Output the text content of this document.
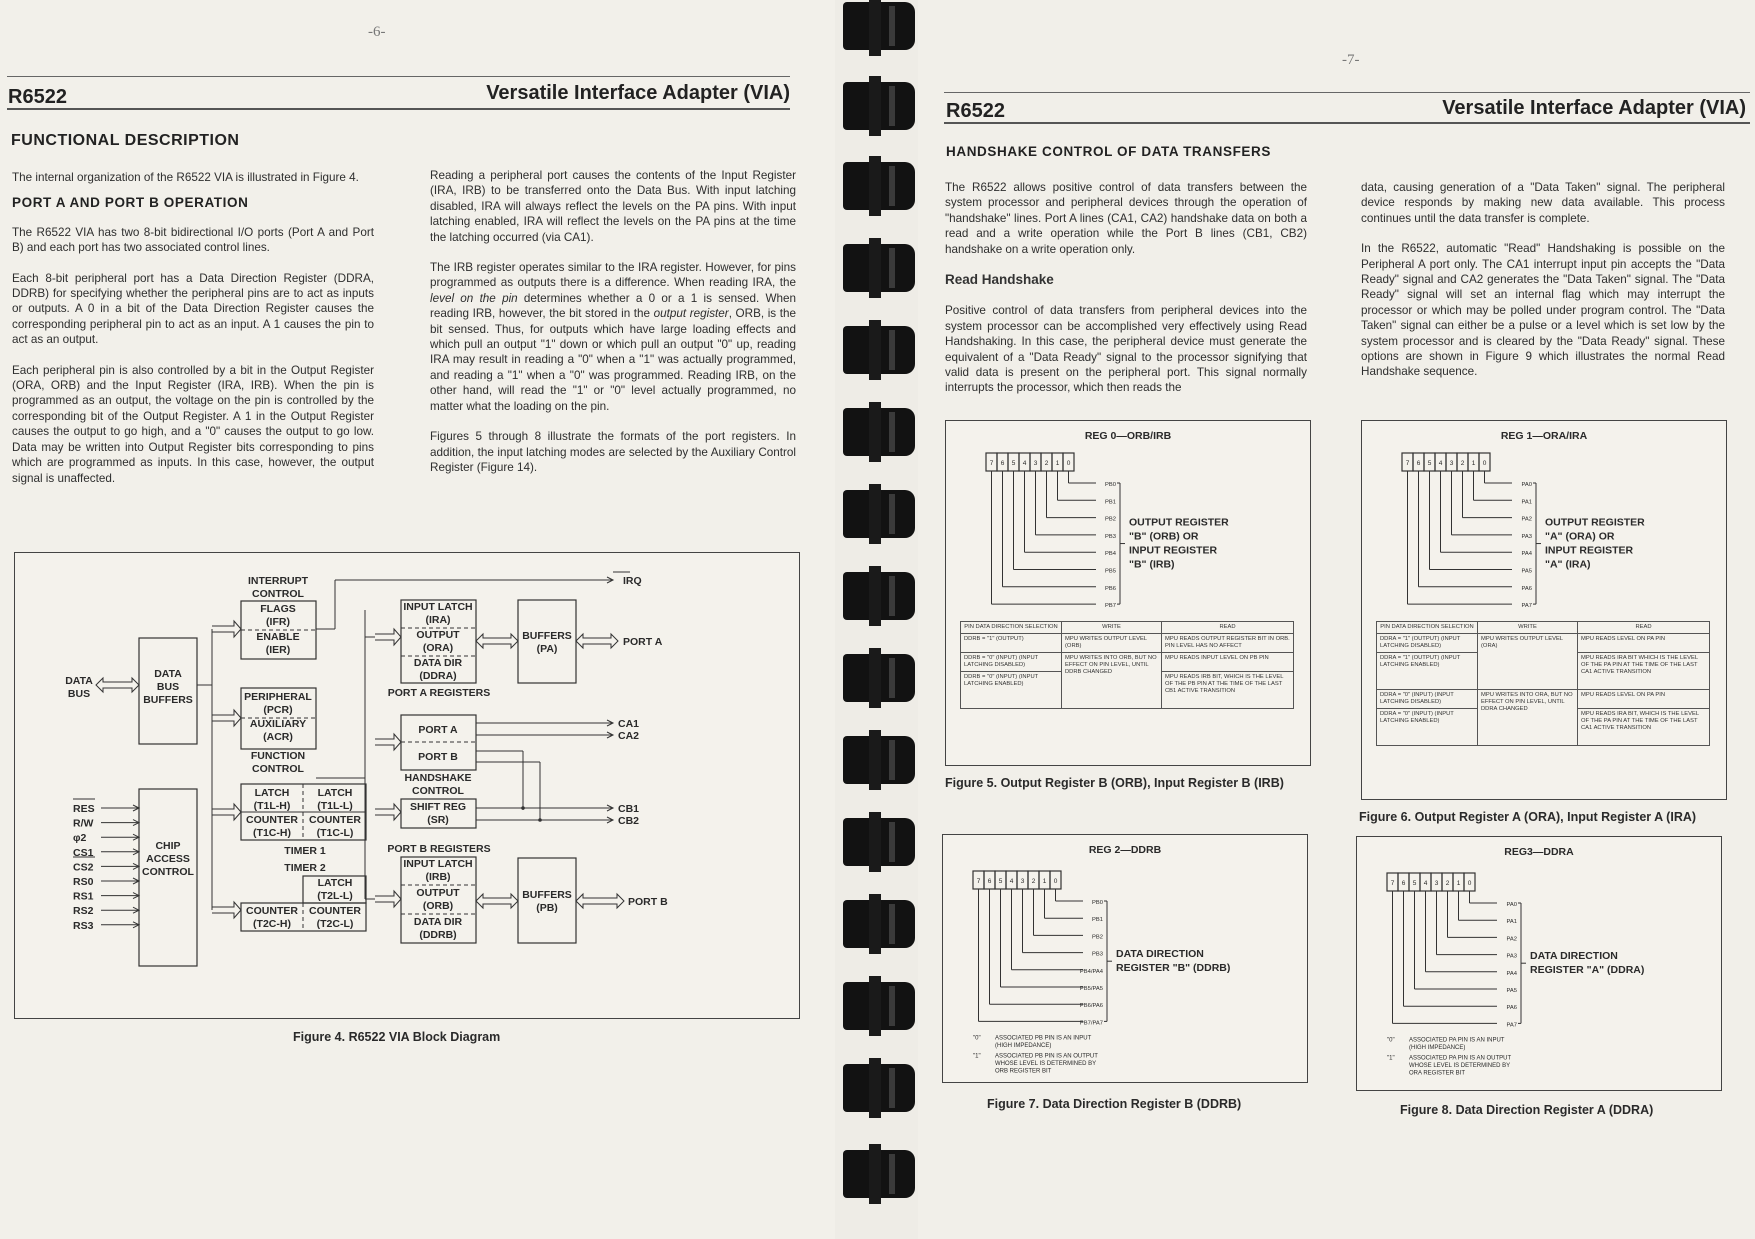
-6-
R6522	Versatile Interface Adapter (VIA)
FUNCTIONAL DESCRIPTION

The internal organization of the R6522 VIA is illustrated in Figure 4.

PORT A AND PORT B OPERATION

The R6522 VIA has two 8-bit bidirectional I/O ports (Port A and Port B) and each port has two associated control lines.

Each 8-bit peripheral port has a Data Direction Register (DDRA, DDRB) for specifying whether the peripheral pins are to act as inputs or outputs. A 0 in a bit of the Data Direction Register causes the corresponding peripheral pin to act as an input. A 1 causes the pin to act as an output.

Each peripheral pin is also controlled by a bit in the Output Register (ORA, ORB) and the Input Register (IRA, IRB). When the pin is programmed as an output, the voltage on the pin is controlled by the corresponding bit of the Output Register. A 1 in the Output Register causes the output to go high, and a "0" causes the output to go low. Data may be written into Output Register bits corresponding to pins which are programmed as inputs. In this case, however, the output signal is unaffected.

Reading a peripheral port causes the contents of the Input Register (IRA, IRB) to be transferred onto the Data Bus. With input latching disabled, IRA will always reflect the levels on the PA pins. With input latching enabled, IRA will reflect the levels on the PA pins at the time the latching occurred (via CA1).

The IRB register operates similar to the IRA register. However, for pins programmed as outputs there is a difference. When reading IRA, the level on the pin determines whether a 0 or a 1 is sensed. When reading IRB, however, the bit stored in the output register, ORB, is the bit sensed. Thus, for outputs which have large loading effects and which pull an output "1" down or which pull an output "0" up, reading IRA may result in reading a "0" when a "1" was actually programmed, and reading a "1" when a "0" was programmed. Reading IRB, on the other hand, will read the "1" or "0" level actually programmed, no matter what the loading on the pin.

Figures 5 through 8 illustrate the formats of the port registers. In addition, the input latching modes are selected by the Auxiliary Control Register (Figure 14).

DATA
BUS
DATA
BUS
BUFFERS
INTERRUPT
CONTROL
FLAGS
(IFR)
ENABLE
(IER)
IRQ
PERIPHERAL
(PCR)
AUXILIARY
(ACR)
FUNCTION
CONTROL
LATCH
(T1L-H)
LATCH
(T1L-L)
COUNTER
(T1C-H)
COUNTER
(T1C-L)
TIMER 1
TIMER 2
LATCH
(T2L-L)
COUNTER
(T2C-H)
COUNTER
(T2C-L)
CHIP
ACCESS
CONTROL
RES
R/W
φ2
CS1
CS2
RS0
RS1
RS2
RS3
INPUT LATCH
(IRA)
OUTPUT
(ORA)
DATA DIR
(DDRA)
PORT A REGISTERS
BUFFERS
(PA)
PORT A
PORT A
PORT B
HANDSHAKE
CONTROL
CA1
CA2
SHIFT REG
(SR)
CB1
CB2
PORT B REGISTERS
INPUT LATCH
(IRB)
OUTPUT
(ORB)
DATA DIR
(DDRB)
BUFFERS
(PB)	PORT B
Figure 4. R6522 VIA Block Diagram
-7-
R6522	Versatile Interface Adapter (VIA)
HANDSHAKE CONTROL OF DATA TRANSFERS

The R6522 allows positive control of data transfers between the system processor and peripheral devices through the operation of "handshake" lines. Port A lines (CA1, CA2) handshake data on both a read and a write operation while the Port B lines (CB1, CB2) handshake on a write operation only.

Read Handshake

Positive control of data transfers from peripheral devices into the system processor can be accomplished very effectively using Read Handshaking. In this case, the peripheral device must generate the equivalent of a "Data Ready" signal to the processor signifying that valid data is present on the peripheral port. This signal normally interrupts the processor, which then reads the

data, causing generation of a "Data Taken" signal. The peripheral device responds by making new data available. This process continues until the data transfer is complete.

In the R6522, automatic "Read" Handshaking is possible on the Peripheral A port only. The CA1 interrupt input pin accepts the "Data Ready" signal and CA2 generates the "Data Taken" signal. The "Data Ready" signal will set an internal flag which may interrupt the processor or which may be polled under program control. The "Data Taken" signal can either be a pulse or a level which is set low by the system processor and is cleared by the "Data Ready" signal. These options are shown in Figure 9 which illustrates the normal Read Handshake sequence.

REG 0—ORB/IRB
7 6 5 4 3 2 1 0
PB0
PB1
PB2
PB3
PB4
PB5
PB6
PB7
OUTPUT REGISTER
"B" (ORB) OR
INPUT REGISTER
"B" (IRB)
PIN DATA DIRECTION SELECTION	WRITE	READ
DDRB = "1" (OUTPUT)	MPU WRITES OUTPUT LEVEL (ORB)	MPU READS OUTPUT REGISTER BIT IN ORB. PIN LEVEL HAS NO AFFECT
DDRB = "0" (INPUT) (INPUT LATCHING DISABLED)	MPU WRITES INTO ORB, BUT NO EFFECT ON PIN LEVEL, UNTIL DDRB CHANGED	MPU READS INPUT LEVEL ON PB PIN
DDRB = "0" (INPUT) (INPUT LATCHING ENABLED)		MPU READS IRB BIT, WHICH IS THE LEVEL OF THE PB PIN AT THE TIME OF THE LAST CB1 ACTIVE TRANSITION
Figure 5. Output Register B (ORB), Input Register B (IRB)
REG 1—ORA/IRA
7 6 5 4 3 2 1 0
PA0
PA1
PA2
PA3
PA4
PA5
PA6
PA7
OUTPUT REGISTER
"A" (ORA) OR
INPUT REGISTER
"A" (IRA)
PIN DATA DIRECTION SELECTION	WRITE	READ
DDRA = "1" (OUTPUT) (INPUT LATCHING DISABLED)	MPU WRITES OUTPUT LEVEL (ORA)	MPU READS LEVEL ON PA PIN
DDRA = "1" (OUTPUT) (INPUT LATCHING ENABLED)		MPU READS IRA BIT WHICH IS THE LEVEL OF THE PA PIN AT THE TIME OF THE LAST CA1 ACTIVE TRANSITION
DDRA = "0" (INPUT) (INPUT LATCHING DISABLED)	MPU WRITES INTO ORA, BUT NO EFFECT ON PIN LEVEL, UNTIL DDRA CHANGED	MPU READS LEVEL ON PA PIN
DDRA = "0" (INPUT) (INPUT LATCHING ENABLED)		MPU READS IRA BIT, WHICH IS THE LEVEL OF THE PA PIN AT THE TIME OF THE LAST CA1 ACTIVE TRANSITION
Figure 6. Output Register A (ORA), Input Register A (IRA)
REG 2—DDRB
7 6 5 4 3 2 1 0
PB0
PB1
PB2
PB3
PB4/PA4
PB5/PA5
PB6/PA6
PB7/PA7
DATA DIRECTION
REGISTER "B" (DDRB)
"0" ASSOCIATED PB PIN IS AN INPUT
(HIGH IMPEDANCE)
"1" ASSOCIATED PB PIN IS AN OUTPUT
WHOSE LEVEL IS DETERMINED BY
ORB REGISTER BIT
Figure 7. Data Direction Register B (DDRB)
REG3—DDRA
7 6 5 4 3 2 1 0
PA0
PA1
PA2
PA3
PA4
PA5
PA6
PA7
DATA DIRECTION
REGISTER "A" (DDRA)
"0" ASSOCIATED PA PIN IS AN INPUT
(HIGH IMPEDANCE)
"1" ASSOCIATED PA PIN IS AN OUTPUT
WHOSE LEVEL IS DETERMINED BY
ORA REGISTER BIT
Figure 8. Data Direction Register A (DDRA)
